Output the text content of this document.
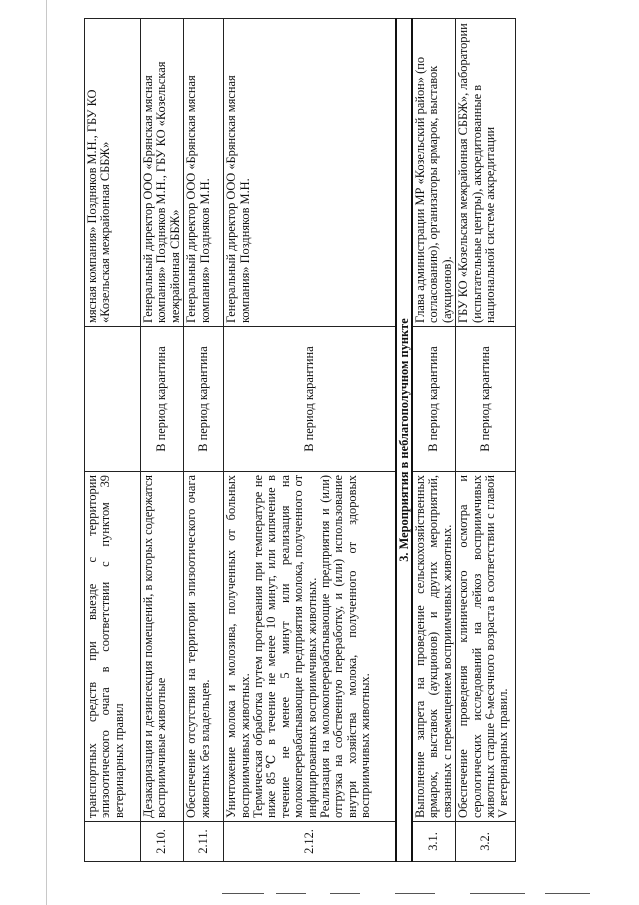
	транспортных средств при выезде с территории эпизоотического очага в соответствии с пунктом 39 ветеринарных правил		мясная компания» Поздняков М.Н., ГБУ КО «Козельская межрайонная СББЖ»
2.10.	Дезакаризация и дезинсекция помещений, в которых содержатся восприимчивые животные	В период карантина	Генеральный директор ООО «Брянская мясная компания» Поздняков М.Н., ГБУ КО «Козельская межрайонная СББЖ»
2.11.	Обеспечение отсутствия на территории эпизоотического очага животных без владельцев.	В период карантина	Генеральный директор ООО «Брянская мясная компания» Поздняков М.Н.
2.12.	Уничтожение молока и молозива, полученных от больных восприимчивых животных. Термическая обработка путем прогревания при температуре не ниже 85℃ в течение не менее 10 минут, или кипячение в течение не менее 5 минут или реализация на молокоперерабатывающие предприятия молока, полученного от инфицированных восприимчивых животных. Реализация на молокоперерабатывающие предприятия и (или) отгрузка на собственную переработку, и (или) использование внутри хозяйства молока, полученного от здоровых восприимчивых животных.	В период карантина	Генеральный директор ООО «Брянская мясная компания» Поздняков М.Н.
3. Мероприятия в неблагополучном пункте			
3.1.	Выполнение запрета на проведение сельскохозяйственных ярмарок, выставок (аукционов) и других мероприятий, связанных с перемещением восприимчивых животных.	В период карантина	Глава администрации МР «Козельский район» (по согласованию), организаторы ярмарок, выставок (аукционов).
3.2.	Обеспечение проведения клинического осмотра и серологических исследований на лейкоз восприимчивых животных старше 6-месячного возраста в соответствии с главой V ветеринарных правил.	В период карантина	ГБУ КО «Козельская межрайонная СББЖ», лаборатории (испытательные центры), аккредитованные в национальной системе аккредитации
